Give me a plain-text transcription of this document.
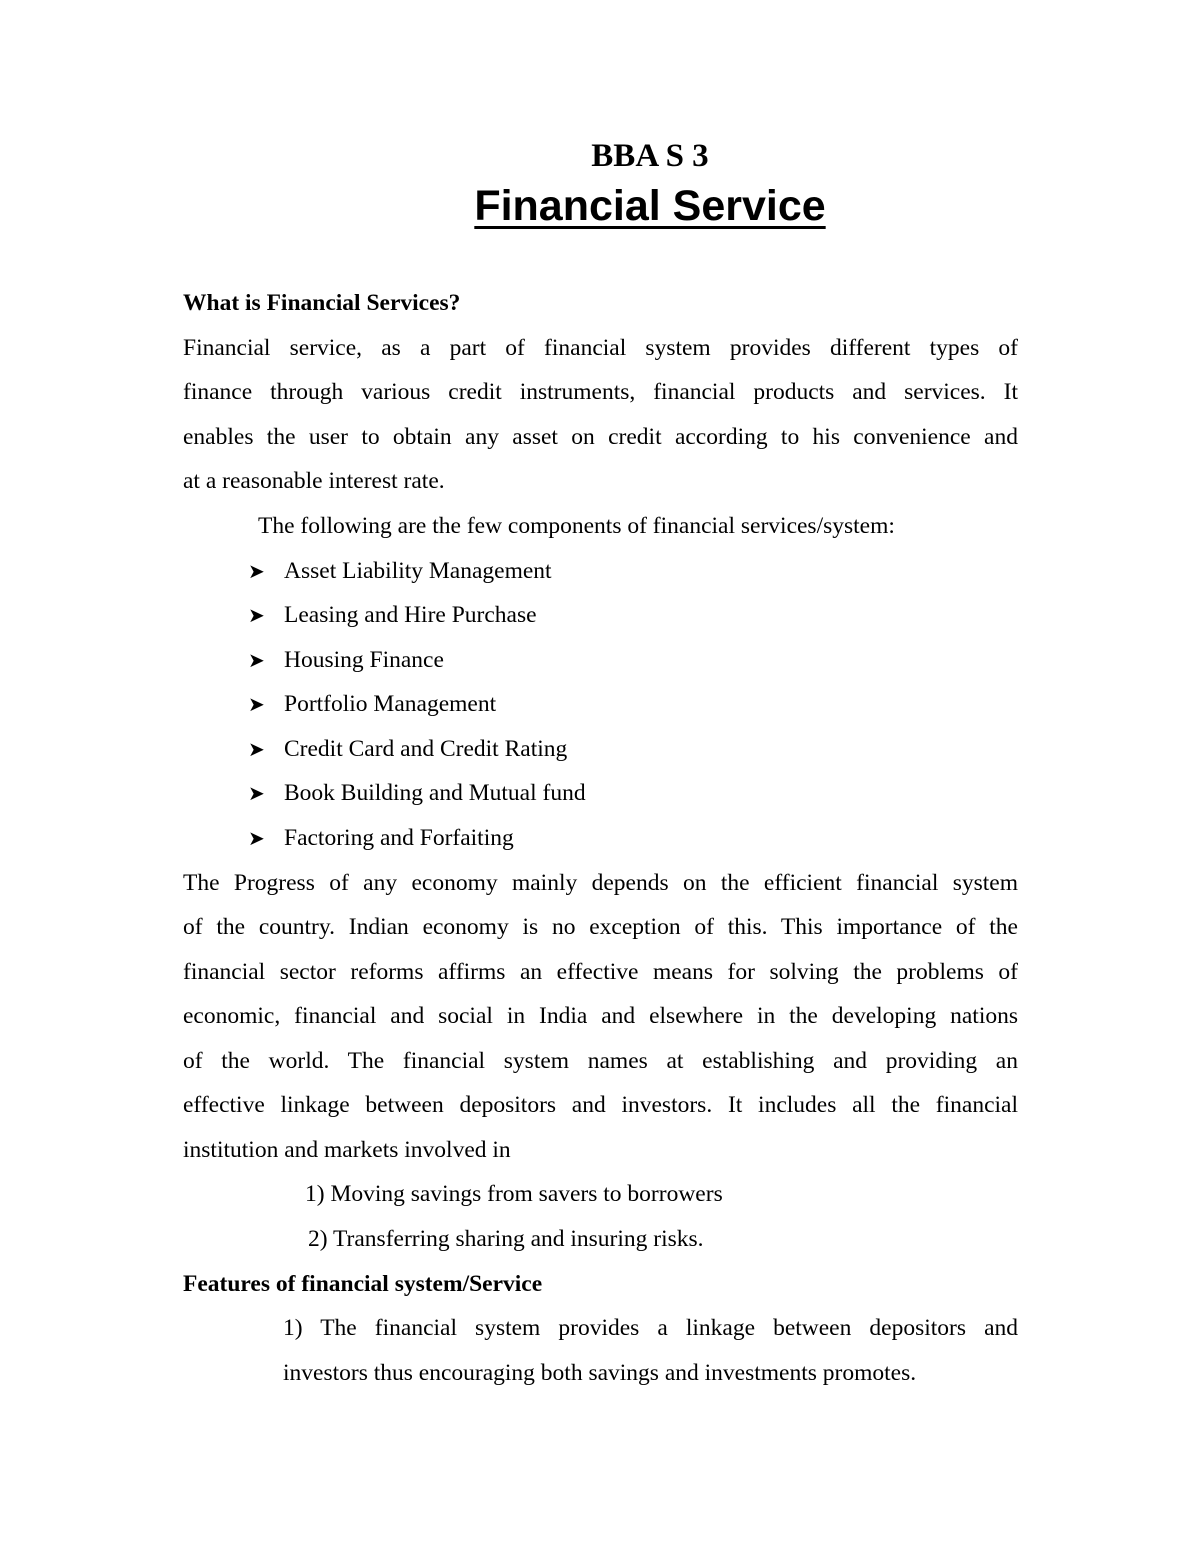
BBA S 3
Financial Service
What is Financial Services?
Financial service, as a part of financial system provides different types of
finance through various credit instruments, financial products and services. It
enables the user to obtain any asset on credit according to his convenience and
at a reasonable interest rate.
The following are the few components of financial services/system:
➤ Asset Liability Management
➤ Leasing and Hire Purchase
➤ Housing Finance
➤ Portfolio Management
➤ Credit Card and Credit Rating
➤ Book Building and Mutual fund
➤ Factoring and Forfaiting
The Progress of any economy mainly depends on the efficient financial system
of the country. Indian economy is no exception of this. This importance of the
financial sector reforms affirms an effective means for solving the problems of
economic, financial and social in India and elsewhere in the developing nations
of the world. The financial system names at establishing and providing an
effective linkage between depositors and investors. It includes all the financial
institution and markets involved in
1) Moving savings from savers to borrowers
2) Transferring sharing and insuring risks.
Features of financial system/Service
1) The financial system provides a linkage between depositors and
investors thus encouraging both savings and investments promotes.
